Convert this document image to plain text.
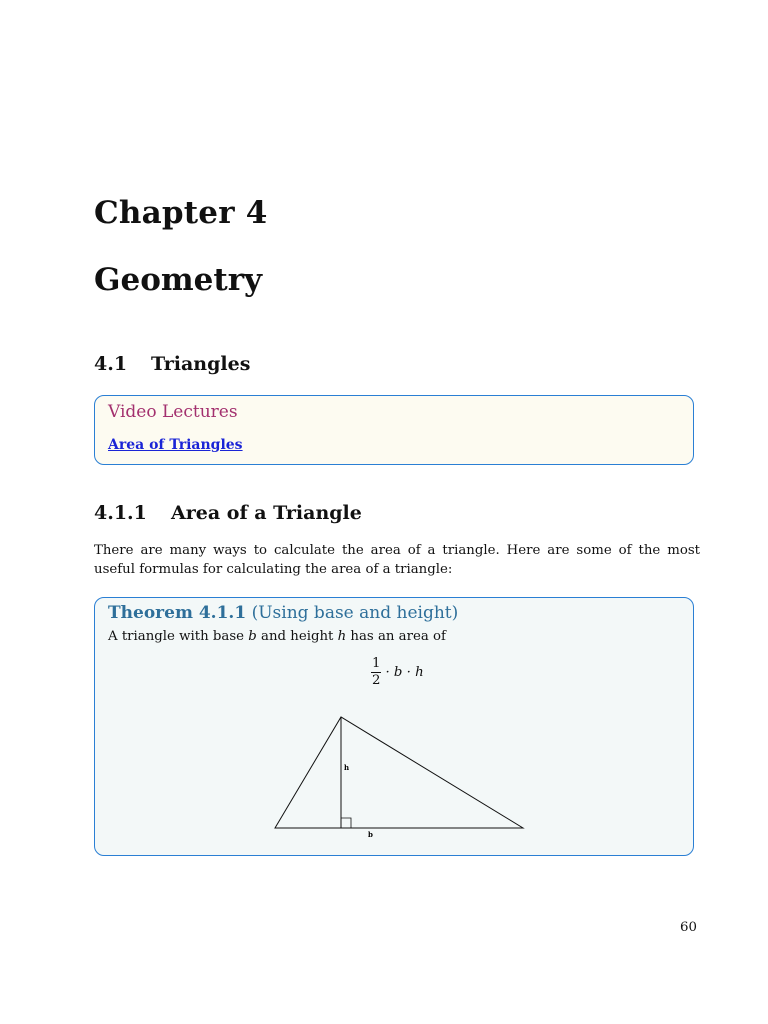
Chapter 4
Geometry
4.1 Triangles
Video Lectures
Area of Triangles
4.1.1 Area of a Triangle
There are many ways to calculate the area of a triangle. Here are some of the most useful formulas for calculating the area of a triangle:
Theorem 4.1.1 (Using base and height)
A triangle with base b and height h has an area of
$\frac{1}{2} \cdot b \cdot h$
h
b
60
